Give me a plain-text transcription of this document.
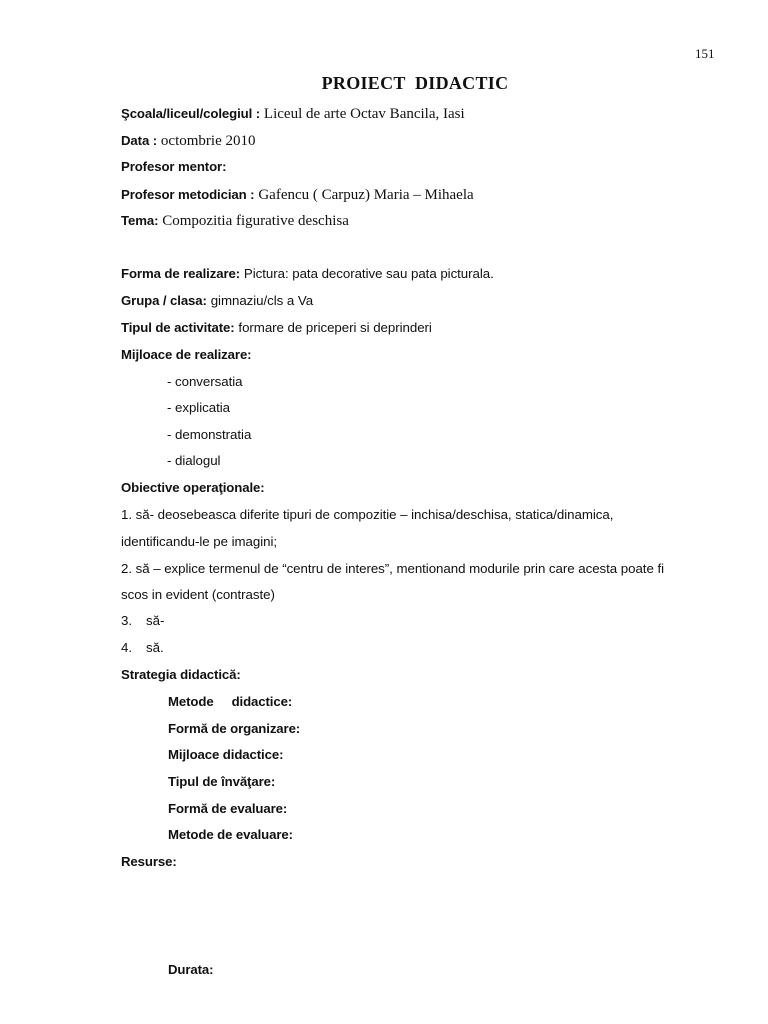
151
PROIECT  DIDACTIC
Şcoala/liceul/colegiul : Liceul de arte Octav Bancila, Iasi
Data : octombrie 2010
Profesor mentor:
Profesor metodician : Gafencu ( Carpuz) Maria – Mihaela
Tema: Compozitia figurative deschisa
Forma de realizare: Pictura: pata decorative sau pata picturala.
Grupa / clasa: gimnaziu/cls a Va
Tipul de activitate: formare de priceperi si deprinderi
Mijloace de realizare:
- conversatia
- explicatia
- demonstratia
- dialogul
Obiective operaţionale:
1. să- deosebeasca diferite tipuri de compozitie – inchisa/deschisa, statica/dinamica,
identificandu-le pe imagini;
2. să – explice termenul de “centru de interes”, mentionand modurile prin care acesta poate fi
scos in evident (contraste)
3. să-
4. să.
Strategia didactică:
Metode didactice:
Formă de organizare:
Mijloace didactice:
Tipul de învăţare:
Formă de evaluare:
Metode de evaluare:
Resurse:
Durata:
